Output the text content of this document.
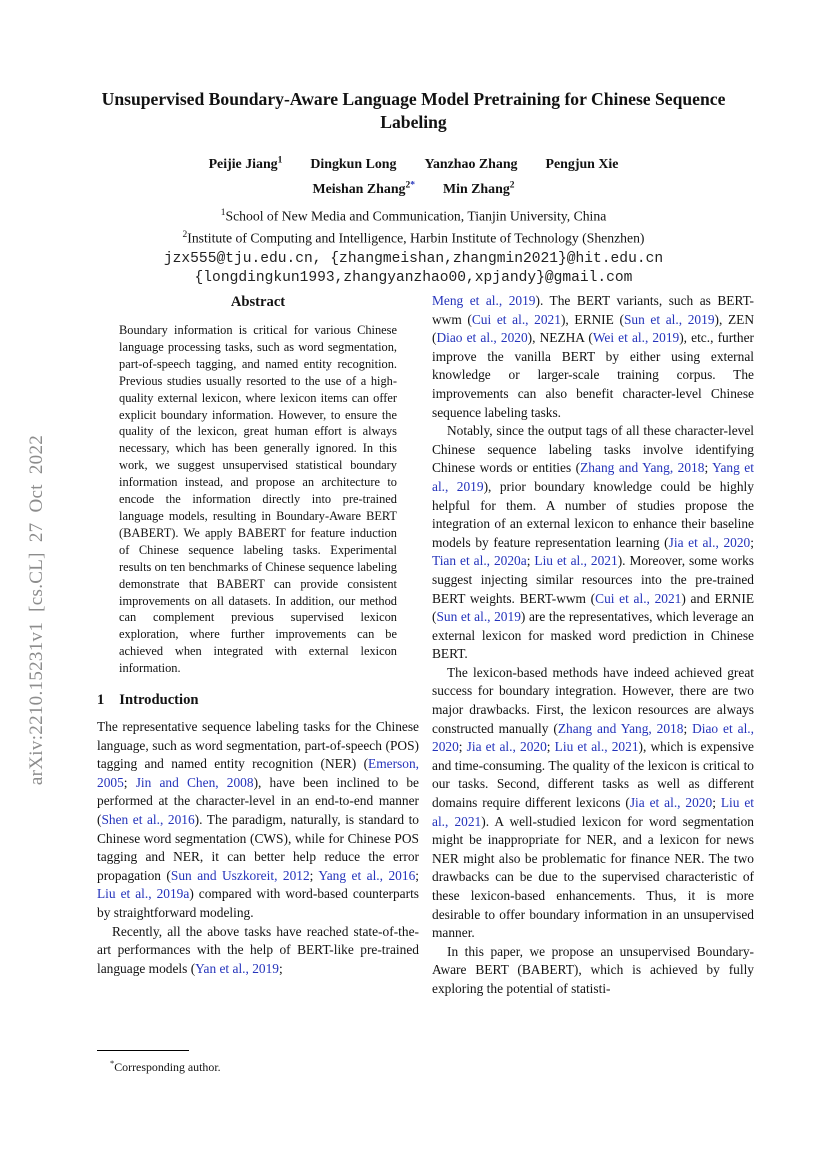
arXiv:2210.15231v1 [cs.CL] 27 Oct 2022
Unsupervised Boundary-Aware Language Model Pretraining for Chinese Sequence Labeling
Peijie Jiang$^1$ Dingkun Long Yanzhao Zhang Pengjun Xie
Meishan Zhang$^{2*}$ Min Zhang$^2$
$^1$School of New Media and Communication, Tianjin University, China
$^2$Institute of Computing and Intelligence, Harbin Institute of Technology (Shenzhen)
jzx555@tju.edu.cn, {zhangmeishan,zhangmin2021}@hit.edu.cn
{longdingkun1993,zhangyanzhao00,xpjandy}@gmail.com
Abstract

Boundary information is critical for various Chinese language processing tasks, such as word segmentation, part-of-speech tagging, and named entity recognition. Previous studies usually resorted to the use of a high-quality external lexicon, where lexicon items can offer explicit boundary information. However, to ensure the quality of the lexicon, great human effort is always necessary, which has been generally ignored. In this work, we suggest unsupervised statistical boundary information instead, and propose an architecture to encode the information directly into pre-trained language models, resulting in Boundary-Aware BERT (BABERT). We apply BABERT for feature induction of Chinese sequence labeling tasks. Experimental results on ten benchmarks of Chinese sequence labeling demonstrate that BABERT can provide consistent improvements on all datasets. In addition, our method can complement previous supervised lexicon exploration, where further improvements can be achieved when integrated with external lexicon information.

1 Introduction

The representative sequence labeling tasks for the Chinese language, such as word segmentation, part-of-speech (POS) tagging and named entity recognition (NER) (Emerson, 2005; Jin and Chen, 2008), have been inclined to be performed at the character-level in an end-to-end manner (Shen et al., 2016). The paradigm, naturally, is standard to Chinese word segmentation (CWS), while for Chinese POS tagging and NER, it can better help reduce the error propagation (Sun and Uszkoreit, 2012; Yang et al., 2016; Liu et al., 2019a) compared with word-based counterparts by straightforward modeling.

Recently, all the above tasks have reached state-of-the-art performances with the help of BERT-like pre-trained language models (Yan et al., 2019;

Meng et al., 2019). The BERT variants, such as BERT-wwm (Cui et al., 2021), ERNIE (Sun et al., 2019), ZEN (Diao et al., 2020), NEZHA (Wei et al., 2019), etc., further improve the vanilla BERT by either using external knowledge or larger-scale training corpus. The improvements can also benefit character-level Chinese sequence labeling tasks.

Notably, since the output tags of all these character-level Chinese sequence labeling tasks involve identifying Chinese words or entities (Zhang and Yang, 2018; Yang et al., 2019), prior boundary knowledge could be highly helpful for them. A number of studies propose the integration of an external lexicon to enhance their baseline models by feature representation learning (Jia et al., 2020; Tian et al., 2020a; Liu et al., 2021). Moreover, some works suggest injecting similar resources into the pre-trained BERT weights. BERT-wwm (Cui et al., 2021) and ERNIE (Sun et al., 2019) are the representatives, which leverage an external lexicon for masked word prediction in Chinese BERT.

The lexicon-based methods have indeed achieved great success for boundary integration. However, there are two major drawbacks. First, the lexicon resources are always constructed manually (Zhang and Yang, 2018; Diao et al., 2020; Jia et al., 2020; Liu et al., 2021), which is expensive and time-consuming. The quality of the lexicon is critical to our tasks. Second, different tasks as well as different domains require different lexicons (Jia et al., 2020; Liu et al., 2021). A well-studied lexicon for word segmentation might be inappropriate for NER, and a lexicon for news NER might also be problematic for finance NER. The two drawbacks can be due to the supervised characteristic of these lexicon-based enhancements. Thus, it is more desirable to offer boundary information in an unsupervised manner.

In this paper, we propose an unsupervised Boundary-Aware BERT (BABERT), which is achieved by fully exploring the potential of statisti-

*Corresponding author.
